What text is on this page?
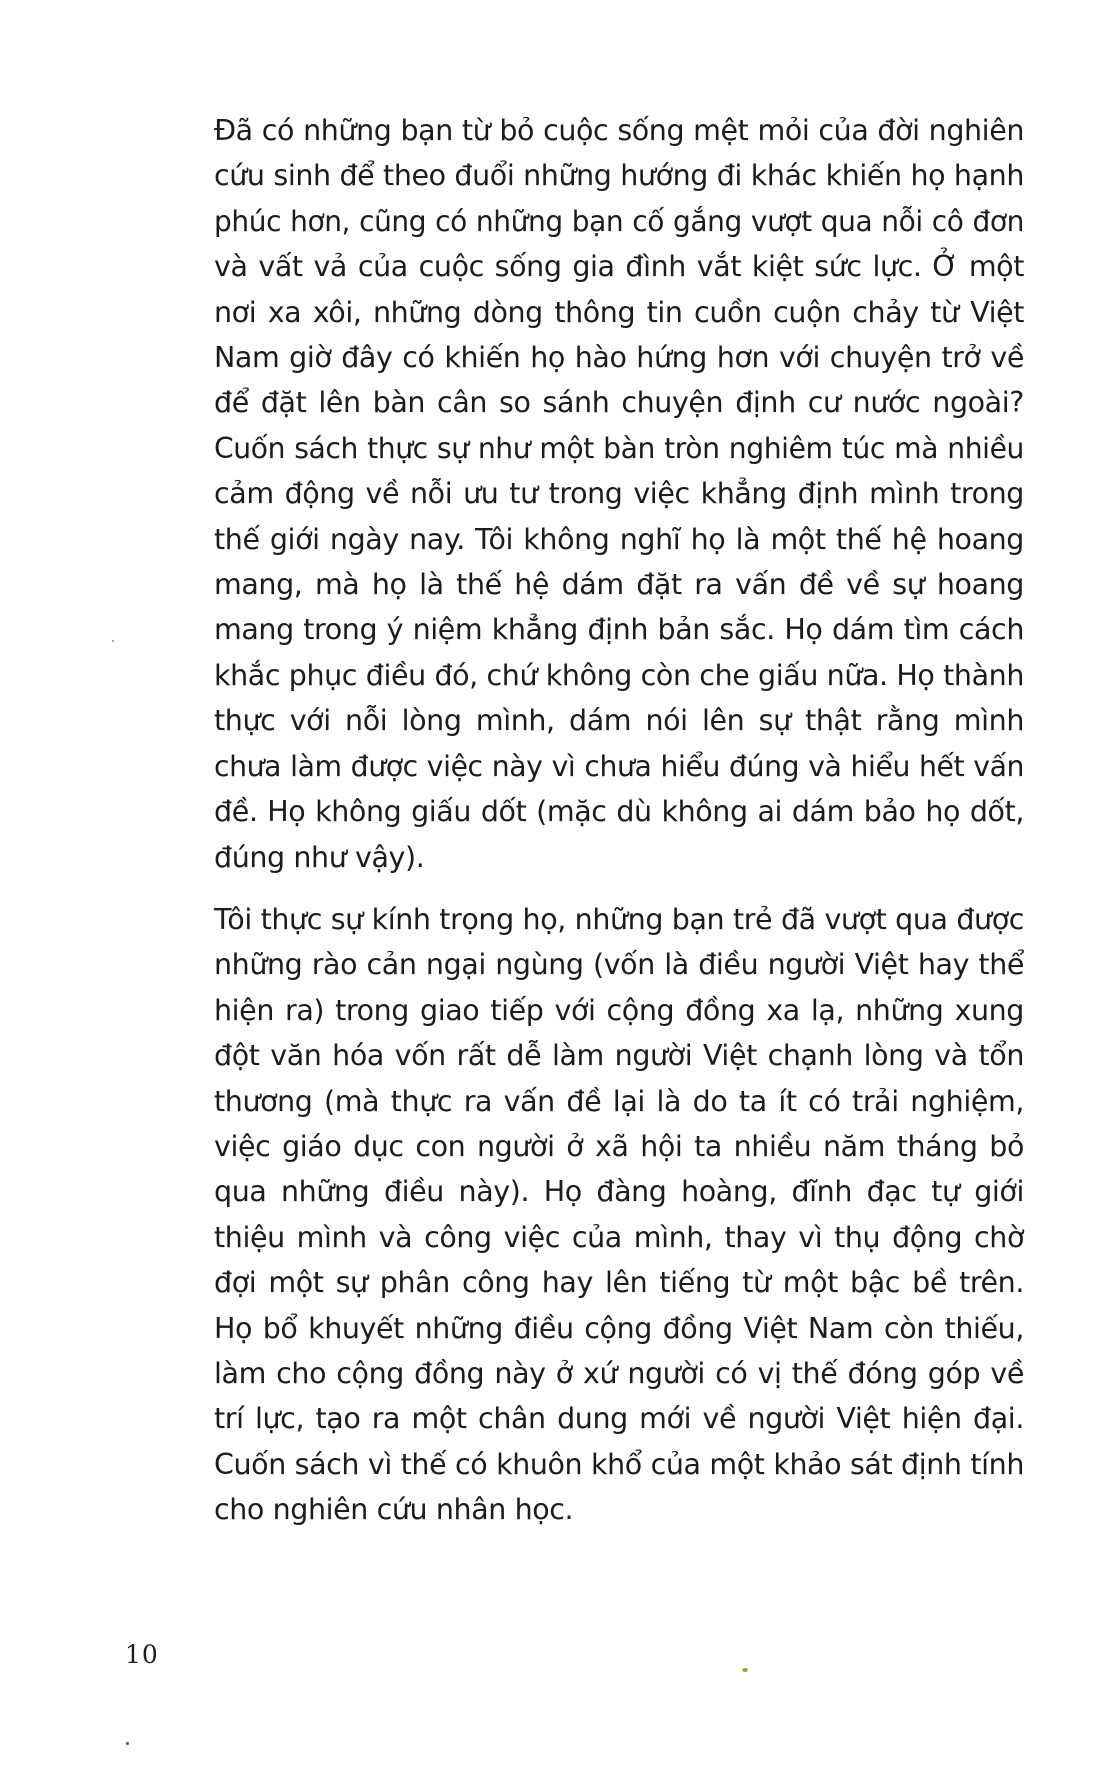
Đã có những bạn từ bỏ cuộc sống mệt mỏi của đời nghiên
cứu sinh để theo đuổi những hướng đi khác khiến họ hạnh
phúc hơn, cũng có những bạn cố gắng vượt qua nỗi cô đơn
và vất vả của cuộc sống gia đình vắt kiệt sức lực. Ở một
nơi xa xôi, những dòng thông tin cuồn cuộn chảy từ Việt
Nam giờ đây có khiến họ hào hứng hơn với chuyện trở về
để đặt lên bàn cân so sánh chuyện định cư nước ngoài?
Cuốn sách thực sự như một bàn tròn nghiêm túc mà nhiều
cảm động về nỗi ưu tư trong việc khẳng định mình trong
thế giới ngày nay. Tôi không nghĩ họ là một thế hệ hoang
mang, mà họ là thế hệ dám đặt ra vấn đề về sự hoang
mang trong ý niệm khẳng định bản sắc. Họ dám tìm cách
khắc phục điều đó, chứ không còn che giấu nữa. Họ thành
thực với nỗi lòng mình, dám nói lên sự thật rằng mình
chưa làm được việc này vì chưa hiểu đúng và hiểu hết vấn
đề. Họ không giấu dốt (mặc dù không ai dám bảo họ dốt,
đúng như vậy).

Tôi thực sự kính trọng họ, những bạn trẻ đã vượt qua được
những rào cản ngại ngùng (vốn là điều người Việt hay thể
hiện ra) trong giao tiếp với cộng đồng xa lạ, những xung
đột văn hóa vốn rất dễ làm người Việt chạnh lòng và tổn
thương (mà thực ra vấn đề lại là do ta ít có trải nghiệm,
việc giáo dục con người ở xã hội ta nhiều năm tháng bỏ
qua những điều này). Họ đàng hoàng, đĩnh đạc tự giới
thiệu mình và công việc của mình, thay vì thụ động chờ
đợi một sự phân công hay lên tiếng từ một bậc bề trên.
Họ bổ khuyết những điều cộng đồng Việt Nam còn thiếu,
làm cho cộng đồng này ở xứ người có vị thế đóng góp về
trí lực, tạo ra một chân dung mới về người Việt hiện đại.
Cuốn sách vì thế có khuôn khổ của một khảo sát định tính
cho nghiên cứu nhân học.

10
